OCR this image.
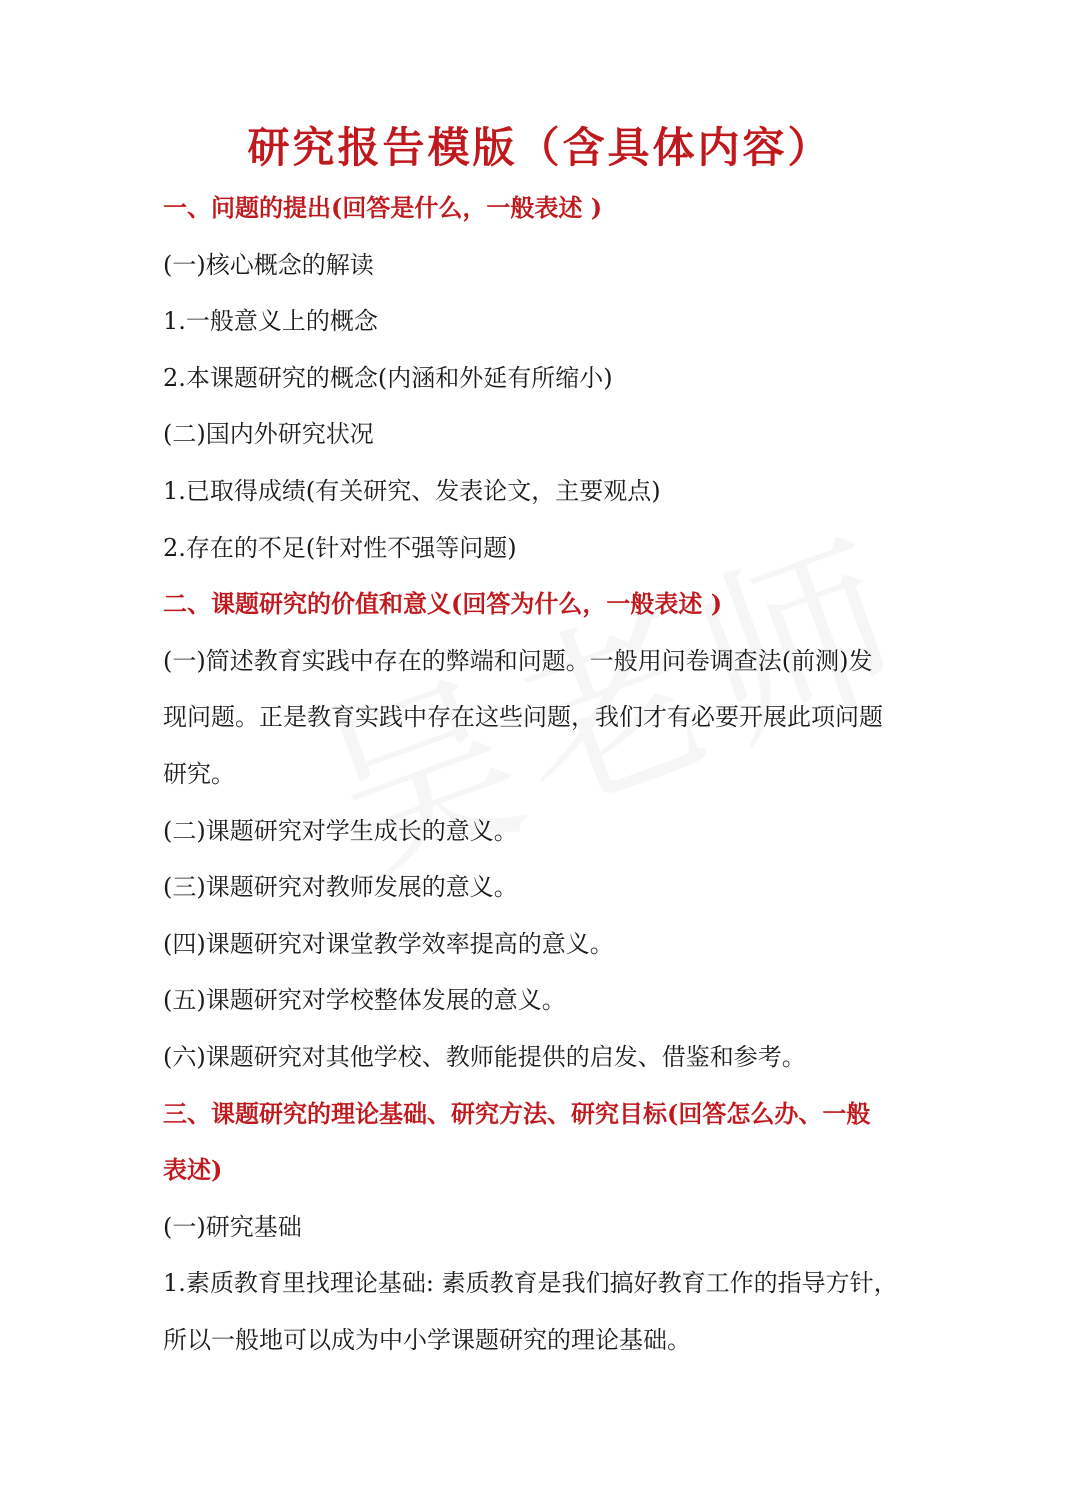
研究报告模版（含具体内容）
一、问题的提出(回答是什么，一般表述 )
(一)核心概念的解读
1.一般意义上的概念
2.本课题研究的概念(内涵和外延有所缩小)
(二)国内外研究状况
1.已取得成绩(有关研究、发表论文，主要观点)
2.存在的不足(针对性不强等问题)
二、课题研究的价值和意义(回答为什么，一般表述 )
(一)简述教育实践中存在的弊端和问题。一般用问卷调查法(前测)发
现问题。正是教育实践中存在这些问题，我们才有必要开展此项问题
研究。
(二)课题研究对学生成长的意义。
(三)课题研究对教师发展的意义。
(四)课题研究对课堂教学效率提高的意义。
(五)课题研究对学校整体发展的意义。
(六)课题研究对其他学校、教师能提供的启发、借鉴和参考。
三、课题研究的理论基础、研究方法、研究目标(回答怎么办、一般
表述)
(一)研究基础
1.素质教育里找理论基础: 素质教育是我们搞好教育工作的指导方针，
所以一般地可以成为中小学课题研究的理论基础。
